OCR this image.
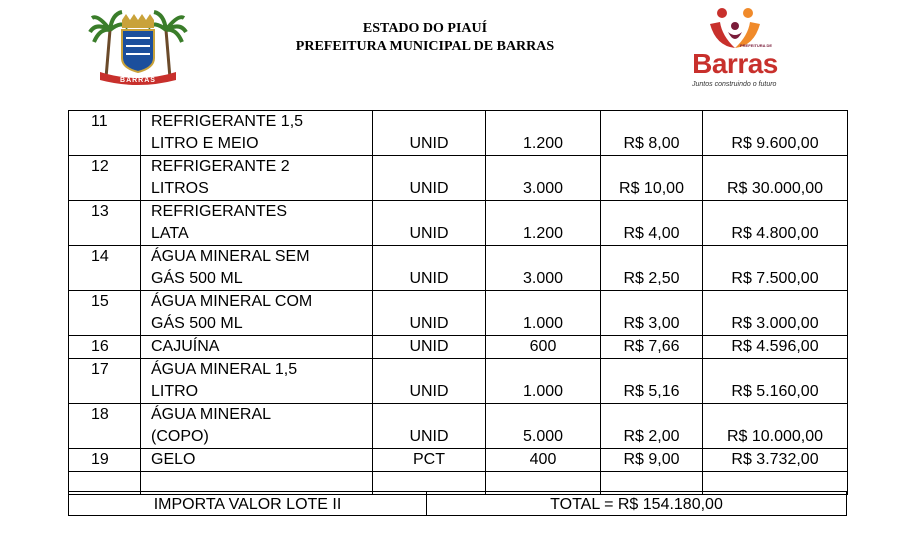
BARRAS
ESTADO DO PIAUÍ
PREFEITURA MUNICIPAL DE BARRAS	PREFEITURA DE
Barras
Juntos construindo o futuro
11	REFRIGERANTE 1,5
LITRO E MEIO	UNID	1.200	R$ 8,00	R$ 9.600,00
12	REFRIGERANTE 2
LITROS	UNID	3.000	R$ 10,00	R$ 30.000,00
13	REFRIGERANTES
LATA	UNID	1.200	R$ 4,00	R$ 4.800,00
14	ÁGUA MINERAL SEM
GÁS 500 ML	UNID	3.000	R$ 2,50	R$ 7.500,00
15	ÁGUA MINERAL COM
GÁS 500 ML	UNID	1.000	R$ 3,00	R$ 3.000,00
16	CAJUÍNA	UNID	600	R$ 7,66	R$ 4.596,00
17	ÁGUA MINERAL 1,5
LITRO	UNID	1.000	R$ 5,16	R$ 5.160,00
18	ÁGUA MINERAL
(COPO)	UNID	5.000	R$ 2,00	R$ 10.000,00
19	GELO	PCT	400	R$ 9,00	R$ 3.732,00

IMPORTA VALOR LOTE II	TOTAL = R$ 154.180,00
